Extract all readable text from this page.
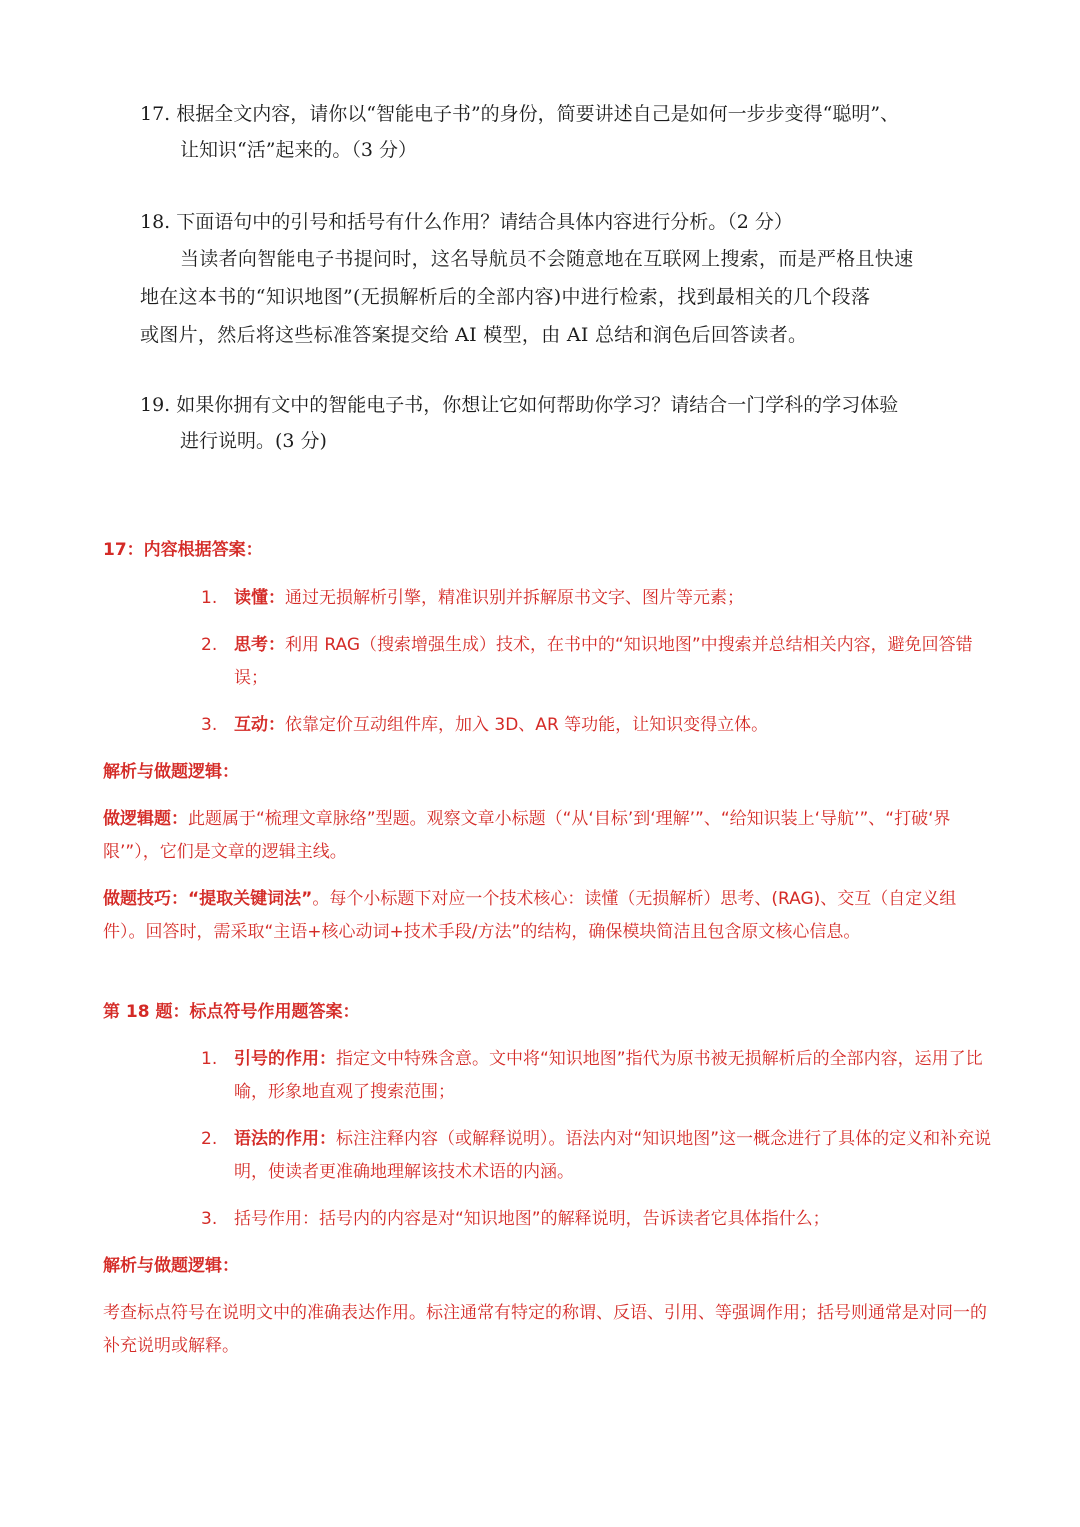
17. 根据全文内容，请你以“智能电子书”的身份，简要讲述自己是如何一步步变得“聪明”、
让知识“活”起来的。（3 分）
18. 下面语句中的引号和括号有什么作用？请结合具体内容进行分析。（2 分）
当读者向智能电子书提问时，这名导航员不会随意地在互联网上搜索，而是严格且快速
地在这本书的“知识地图”(无损解析后的全部内容)中进行检索，找到最相关的几个段落
或图片，然后将这些标准答案提交给 AI 模型，由 AI 总结和润色后回答读者。
19. 如果你拥有文中的智能电子书，你想让它如何帮助你学习？请结合一门学科的学习体验
进行说明。(3 分)
17：内容根据答案：
1. 读懂：通过无损解析引擎，精准识别并拆解原书文字、图片等元素；
2. 思考：利用 RAG（搜索增强生成）技术，在书中的“知识地图”中搜索并总结相关内容，避免回答错误；
3. 互动：依靠定价互动组件库，加入 3D、AR 等功能，让知识变得立体。
解析与做题逻辑：
做逻辑题：此题属于“梳理文章脉络”型题。观察文章小标题（“从‘目标’到‘理解’”、“给知识装上‘导航’”、“打破‘界限’”），它们是文章的逻辑主线。
做题技巧：“提取关键词法”。每个小标题下对应一个技术核心：读懂（无损解析）思考、(RAG)、交互（自定义组件）。回答时，需采取“主语+核心动词+技术手段/方法”的结构，确保模块简洁且包含原文核心信息。
第 18 题：标点符号作用题答案：
1. 引号的作用：指定文中特殊含意。文中将“知识地图”指代为原书被无损解析后的全部内容，运用了比喻，形象地直观了搜索范围；
2. 语法的作用：标注注释内容（或解释说明）。语法内对“知识地图”这一概念进行了具体的定义和补充说明，使读者更准确地理解该技术术语的内涵。
3. 括号作用：括号内的内容是对“知识地图”的解释说明，告诉读者它具体指什么；
解析与做题逻辑：
考查标点符号在说明文中的准确表达作用。标注通常有特定的称谓、反语、引用、等强调作用；括号则通常是对同一的补充说明或解释。
